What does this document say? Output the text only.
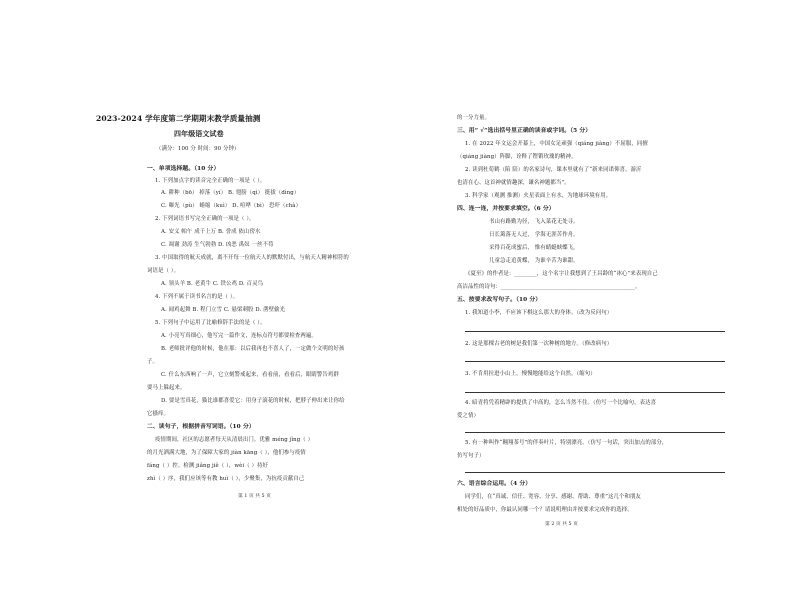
2023-2024 学年度第二学期期末教学质量抽测
四年级语文试卷
（满分：100 分 时间：90 分钟）
一、单项选择题。（10 分）
1. 下列加点字的读音完全正确的一项是（ ）。
A. 耕种（bō） 掉落（yí） B. 翅膀（qì） 挺拔（dìng）
C. 曝光（pù） 蜷缩（kuì） D. 喧哗（bì） 恐吓（chà）
2. 下列词语书写完全正确的一项是（ ）。
A. 安义 帕午 成千上万 B. 誉成 依山傍水
C. 凋谢 劲涛 生气勃勃 D. 凶恶 禹奴 一丝不苟
3. 中国取得的航天成就，离不开每一位航天人的默默付出，与航天人精神相符的
词语是（ ）。
A. 领头羊 B. 老黄牛 C. 铁公鸡 D. 百灵鸟
4. 下列不属于读书名言的是（ ）。
A. 闻鸡起舞 B. 程门立雪 C. 悬梁刺股 D. 凿壁偷光
5. 下列句子中运用了比喻修辞手法的是（ ）。
A. 小亮写真细心，他写完一篇作文，连标点符号都要检查两遍。
B. 老师批评他的时候，他在那：以后我再也不喜人了，一定做个文明的好孩
子。
C. 什么东西响了一声，它立刻警戒起来，看看前，看看后，眼睛警告鸡群
要马上躲起来。
D. 要是雪真花，猫比谁都喜爱它：用身子滚花的时候，把脖子伸出来让你给
它搔痒。
二、读句子，根据拼音写词语。（10 分）
疫情期间，社区的志愿者每天从清晨出门。优雅 méng jǐng（ ）
的月光洒满大地，为了保障大家的 jiàn kāng（ ），他们参与疫情
fáng（ ）控。检测 jiǎng jiě（ ），wèi（ ）持好
zhì（ ）序，我们应该等有教 huì（ ），少聚集，为抗疫贡献自己
第 1 页 共 5 页
的一分力量。
三、用“ √”选出括号里正确的读音或字词。（5 分）
1. 在 2022 年文运会开幕上，中国女足顽强（qiáng jiàng）不屈服，同擅
（qiáng jiàng）阵脚，诠释了铿锵玫瑰的精神。
2. 读到杜荀鹤（陷 陪）的名家诗句，课本里就有了“新来同诺仰喜，游沂
也清在心、这首神就情趣深，谦名神题都当”。
3. 科学家（观测 推测）火星表面上有水，为地球环境有用。
四、连一连，并按要求填空。（6 分）
书山有路勤为径， 飞入菜花无处寻。
日长篱落无人过， 学海无涯苦作舟。
采得百花成蜜后， 惟有蜻蜓蛱蝶飞。
儿童急走追黄蝶， 为谁辛苦为谁甜。
《夏至》的作者是：________，这个名字让我想到了王昌龄的“冰心”来表现自己
高洁品性的诗句：________________________________________________。
五、按要求改写句子。（10 分）
1. 我知道小李，不应该下棋这么那大的身体。（改为反问句）
2. 这是那棵古老的树是我们第一次种树的地方。（修改病句）
3. 不肯用拉进小山上，慢慢地能给这个自然。（缩句）
4. 暗青将凭着精辟的提供了中高的，怎么当然不住。（仿写一个比喻句，表达喜
爱之情）
5. 有一种叫作“翱翔茶号”的伴奏叶片，特别漂亮。（仿写一句话，突出加点的部分，
仿写句子）
六、语言综合运用。（4 分）
同学们，在“真诚、信任、宽容、分享、感谢、帮助、尊重”这几个和朋友
相处的好品质中，你最认同哪一个？请说明理由并按要求完成你的选择。
第 2 页 共 5 页
